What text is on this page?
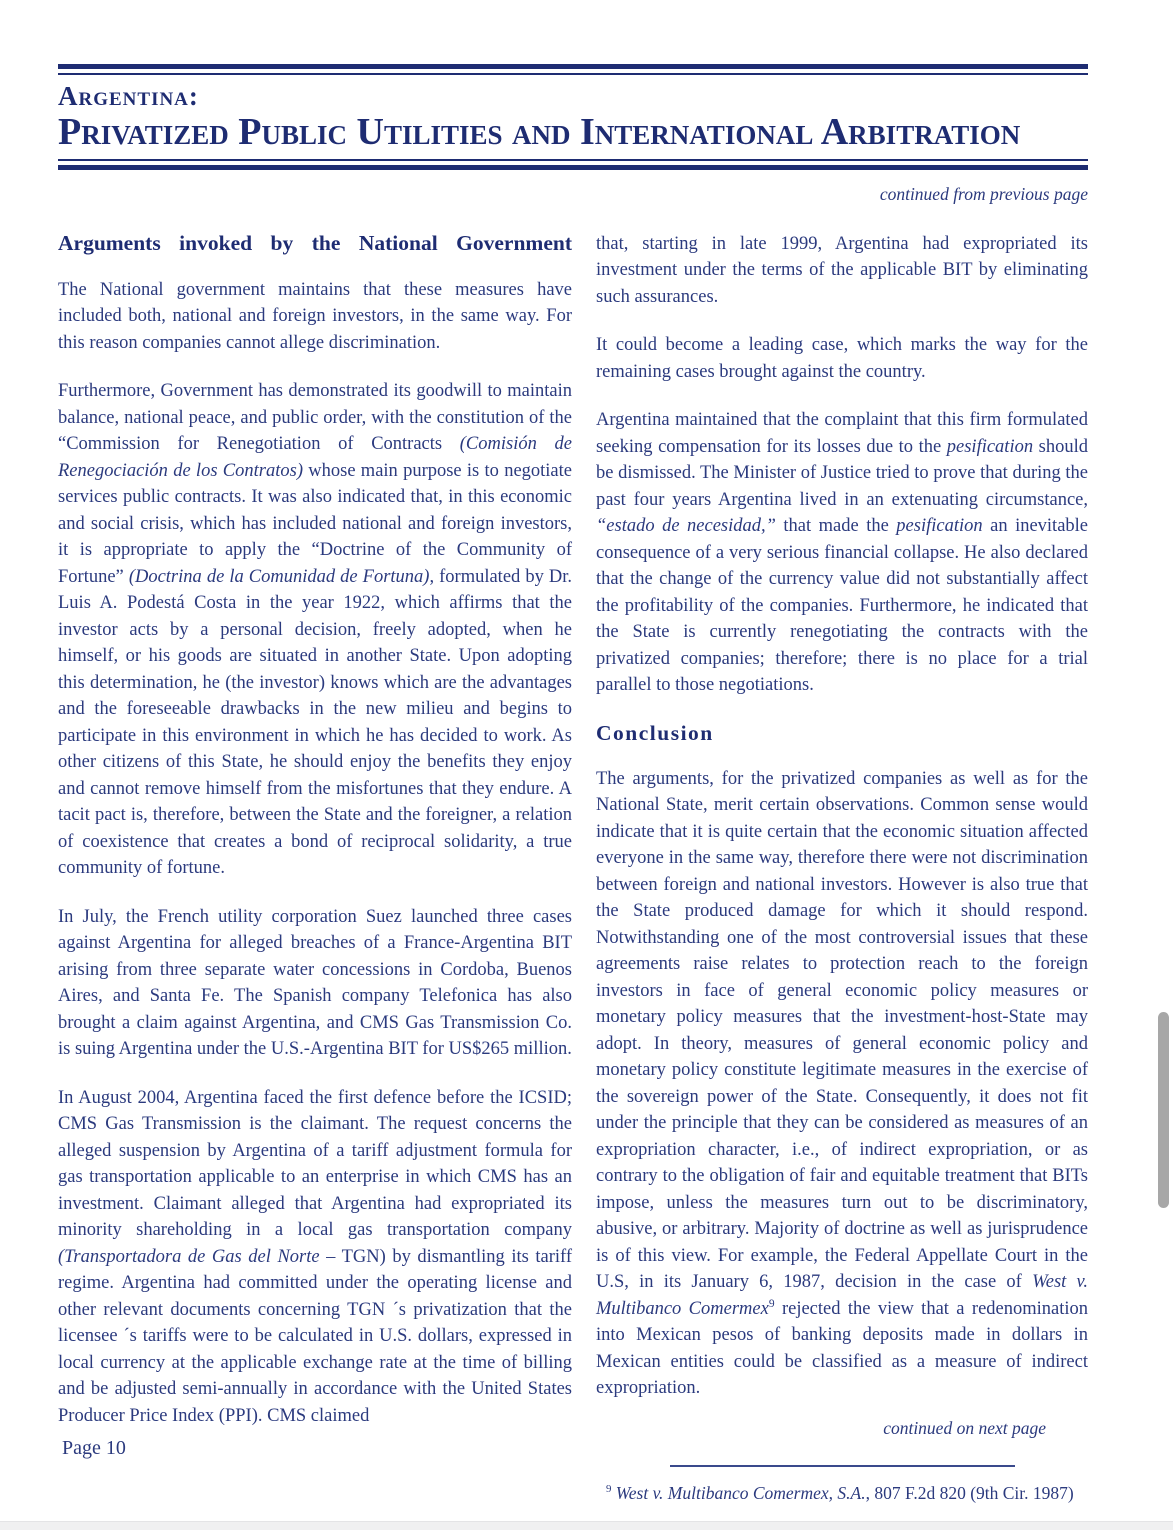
Argentina:
Privatized Public Utilities and International Arbitration
continued from previous page
Arguments invoked by the National Government

The National government maintains that these measures have included both, national and foreign investors, in the same way. For this reason companies cannot allege discrimination.

Furthermore, Government has demonstrated its goodwill to maintain balance, national peace, and public order, with the constitution of the “Commission for Renegotiation of Contracts (Comisión de Renegociación de los Contratos) whose main purpose is to negotiate services public contracts. It was also indicated that, in this economic and social crisis, which has included national and foreign investors, it is appropriate to apply the “Doctrine of the Community of Fortune” (Doctrina de la Comunidad de Fortuna), formulated by Dr. Luis A. Podestá Costa in the year 1922, which affirms that the investor acts by a personal decision, freely adopted, when he himself, or his goods are situated in another State. Upon adopting this determination, he (the investor) knows which are the advantages and the foreseeable drawbacks in the new milieu and begins to participate in this environment in which he has decided to work. As other citizens of this State, he should enjoy the benefits they enjoy and cannot remove himself from the misfortunes that they endure. A tacit pact is, therefore, between the State and the foreigner, a relation of coexistence that creates a bond of reciprocal solidarity, a true community of fortune.

In July, the French utility corporation Suez launched three cases against Argentina for alleged breaches of a France-Argentina BIT arising from three separate water concessions in Cordoba, Buenos Aires, and Santa Fe. The Spanish company Telefonica has also brought a claim against Argentina, and CMS Gas Transmission Co. is suing Argentina under the U.S.-Argentina BIT for US$265 million.

In August 2004, Argentina faced the first defence before the ICSID; CMS Gas Transmission is the claimant. The request concerns the alleged suspension by Argentina of a tariff adjustment formula for gas transportation applicable to an enterprise in which CMS has an investment. Claimant alleged that Argentina had expropriated its minority shareholding in a local gas transportation company (Transportadora de Gas del Norte – TGN) by dismantling its tariff regime. Argentina had committed under the operating license and other relevant documents concerning TGN ´s privatization that the licensee ´s tariffs were to be calculated in U.S. dollars, expressed in local currency at the applicable exchange rate at the time of billing and be adjusted semi-annually in accordance with the United States Producer Price Index (PPI). CMS claimed

that, starting in late 1999, Argentina had expropriated its investment under the terms of the applicable BIT by eliminating such assurances.

It could become a leading case, which marks the way for the remaining cases brought against the country.

Argentina maintained that the complaint that this firm formulated seeking compensation for its losses due to the pesification should be dismissed. The Minister of Justice tried to prove that during the past four years Argentina lived in an extenuating circumstance, “estado de necesidad,” that made the pesification an inevitable consequence of a very serious financial collapse. He also declared that the change of the currency value did not substantially affect the profitability of the companies. Furthermore, he indicated that the State is currently renegotiating the contracts with the privatized companies; therefore; there is no place for a trial parallel to those negotiations.

Conclusion

The arguments, for the privatized companies as well as for the National State, merit certain observations. Common sense would indicate that it is quite certain that the economic situation affected everyone in the same way, therefore there were not discrimination between foreign and national investors. However is also true that the State produced damage for which it should respond. Notwithstanding one of the most controversial issues that these agreements raise relates to protection reach to the foreign investors in face of general economic policy measures or monetary policy measures that the investment-host-State may adopt. In theory, measures of general economic policy and monetary policy constitute legitimate measures in the exercise of the sovereign power of the State. Consequently, it does not fit under the principle that they can be considered as measures of an expropriation character, i.e., of indirect expropriation, or as contrary to the obligation of fair and equitable treatment that BITs impose, unless the measures turn out to be discriminatory, abusive, or arbitrary. Majority of doctrine as well as jurisprudence is of this view. For example, the Federal Appellate Court in the U.S, in its January 6, 1987, decision in the case of West v. Multibanco Comermex$^9$ rejected the view that a redenomination into Mexican pesos of banking deposits made in dollars in Mexican entities could be classified as a measure of indirect expropriation.

continued on next page
$^9$ West v. Multibanco Comermex, S.A., 807 F.2d 820 (9th Cir. 1987)
Page 10
